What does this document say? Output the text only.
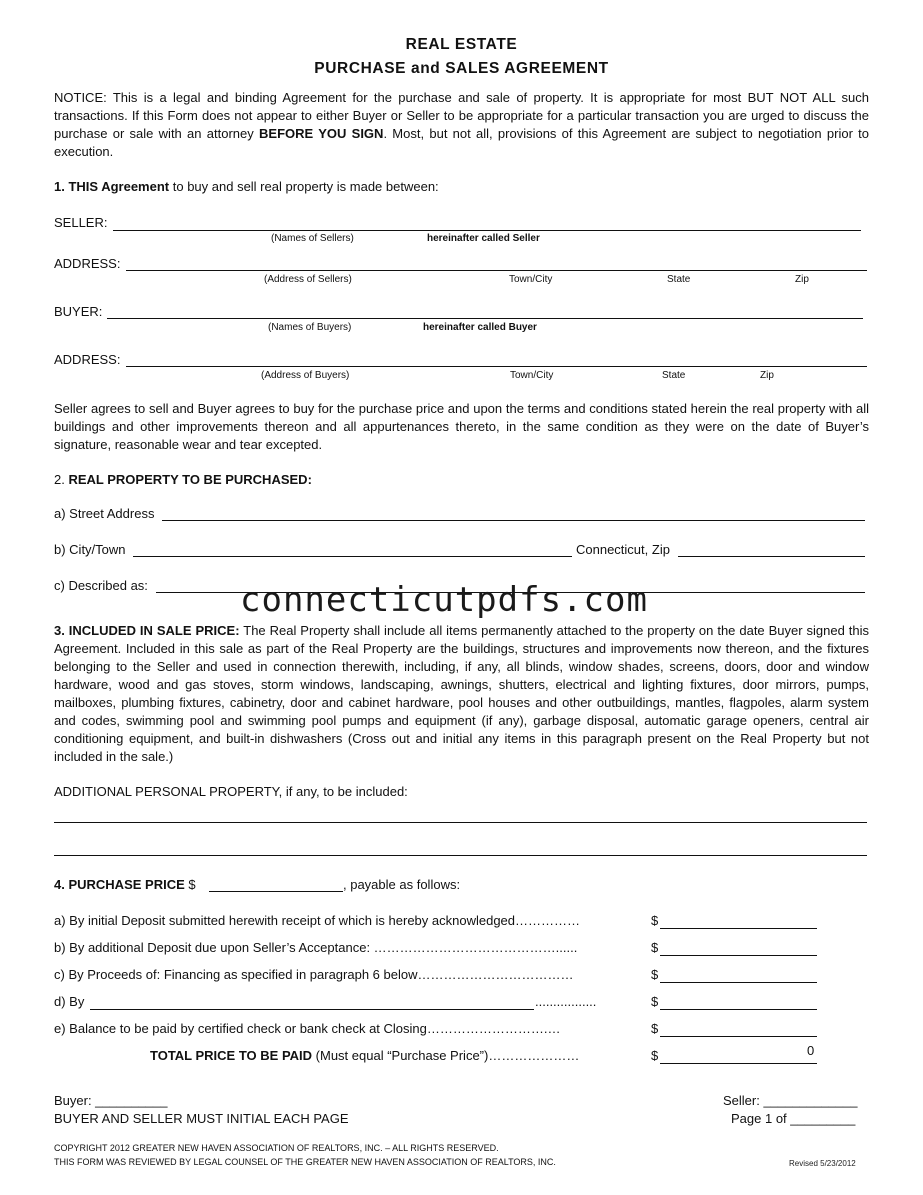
REAL ESTATE
PURCHASE and SALES AGREEMENT
NOTICE: This is a legal and binding Agreement for the purchase and sale of property. It is appropriate for most BUT NOT ALL such transactions. If this Form does not appear to either Buyer or Seller to be appropriate for a particular transaction you are urged to discuss the purchase or sale with an attorney BEFORE YOU SIGN. Most, but not all, provisions of this Agreement are subject to negotiation prior to execution.
1. THIS Agreement to buy and sell real property is made between:
SELLER:
(Names of Sellers)	hereinafter called Seller
ADDRESS:
(Address of Sellers)	Town/City	State	Zip
BUYER:
(Names of Buyers)	hereinafter called Buyer
ADDRESS:
(Address of Buyers)	Town/City	State	Zip
Seller agrees to sell and Buyer agrees to buy for the purchase price and upon the terms and conditions stated herein the real property with all buildings and other improvements thereon and all appurtenances thereto, in the same condition as they were on the date of Buyer’s signature, reasonable wear and tear excepted.
2. REAL PROPERTY TO BE PURCHASED:
a) Street Address
b) City/Town	Connecticut, Zip
c) Described as:	connecticutpdfs.com
3. INCLUDED IN SALE PRICE: The Real Property shall include all items permanently attached to the property on the date Buyer signed this Agreement. Included in this sale as part of the Real Property are the buildings, structures and improvements now thereon, and the fixtures belonging to the Seller and used in connection therewith, including, if any, all blinds, window shades, screens, doors, door and window hardware, wood and gas stoves, storm windows, landscaping, awnings, shutters, electrical and lighting fixtures, door mirrors, pumps, mailboxes, plumbing fixtures, cabinetry, door and cabinet hardware, pool houses and other outbuildings, mantles, flagpoles, alarm system and codes, swimming pool and swimming pool pumps and equipment (if any), garbage disposal, automatic garage openers, central air conditioning equipment, and built-in dishwashers (Cross out and initial any items in this paragraph present on the Real Property but not included in the sale.)
ADDITIONAL PERSONAL PROPERTY, if any, to be included:
4. PURCHASE PRICE $	, payable as follows:
a) By initial Deposit submitted herewith receipt of which is hereby acknowledged……………	$
b) By additional Deposit due upon Seller’s Acceptance: ……………………………………......	$
c) By Proceeds of: Financing as specified in paragraph 6 below………………………………	$
d) By	.................	$
e) Balance to be paid by certified check or bank check at Closing……………………….…	$
TOTAL PRICE TO BE PAID (Must equal “Purchase Price”)…………………	$	0
Buyer: __________
BUYER AND SELLER MUST INITIAL EACH PAGE
Seller: _____________
Page 1 of _________
COPYRIGHT 2012 GREATER NEW HAVEN ASSOCIATION OF REALTORS, INC. – ALL RIGHTS RESERVED.
THIS FORM WAS REVIEWED BY LEGAL COUNSEL OF THE GREATER NEW HAVEN ASSOCIATION OF REALTORS, INC.	Revised 5/23/2012
